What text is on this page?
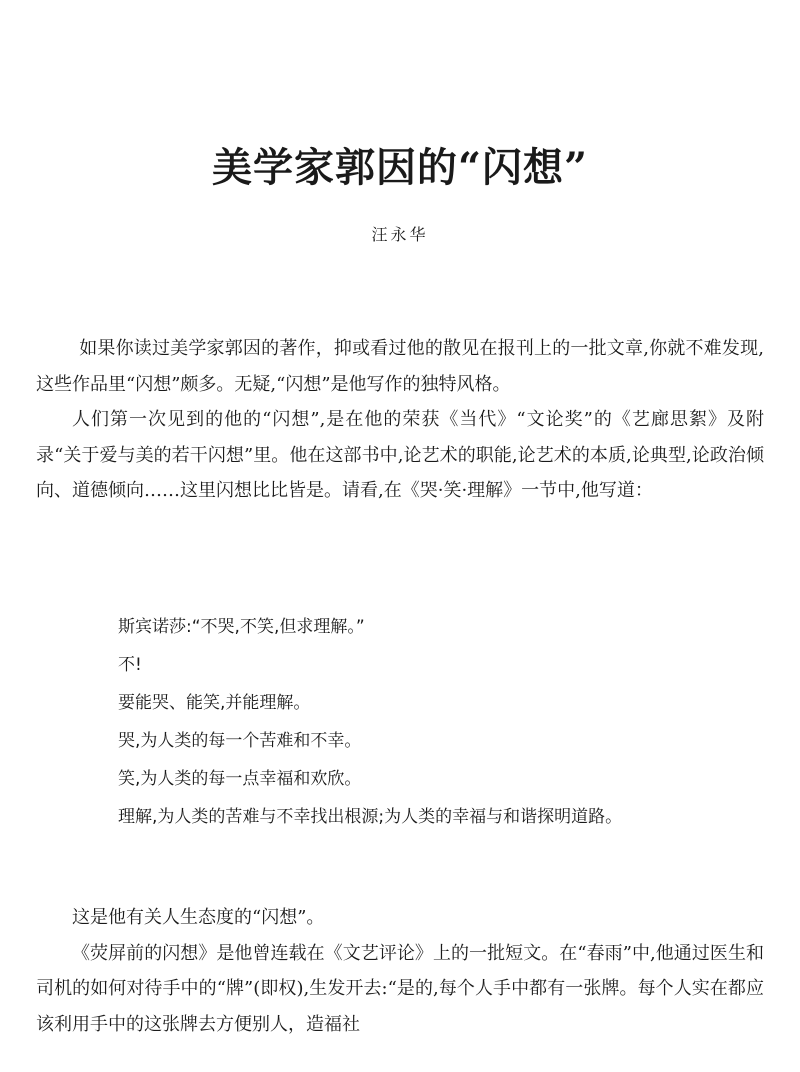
美学家郭因的“闪想”
汪永华

如果你读过美学家郭因的著作，抑或看过他的散见在报刊上的一批文章,你就不难发现,这些作品里“闪想”颇多。无疑,“闪想”是他写作的独特风格。

人们第一次见到的他的“闪想”,是在他的荣获《当代》“文论奖”的《艺廊思絮》及附录“关于爱与美的若干闪想”里。他在这部书中,论艺术的职能,论艺术的本质,论典型,论政治倾向、道德倾向……这里闪想比比皆是。请看,在《哭·笑·理解》一节中,他写道：

斯宾诺莎:“不哭,不笑,但求理解。”
不!
要能哭、能笑,并能理解。
哭,为人类的每一个苦难和不幸。
笑,为人类的每一点幸福和欢欣。
理解,为人类的苦难与不幸找出根源;为人类的幸福与和谐探明道路。

这是他有关人生态度的“闪想”。

《荧屏前的闪想》是他曾连载在《文艺评论》上的一批短文。在“春雨”中,他通过医生和司机的如何对待手中的“牌”(即权),生发开去:“是的,每个人手中都有一张牌。每个人实在都应该利用手中的这张牌去方便别人，造福社
